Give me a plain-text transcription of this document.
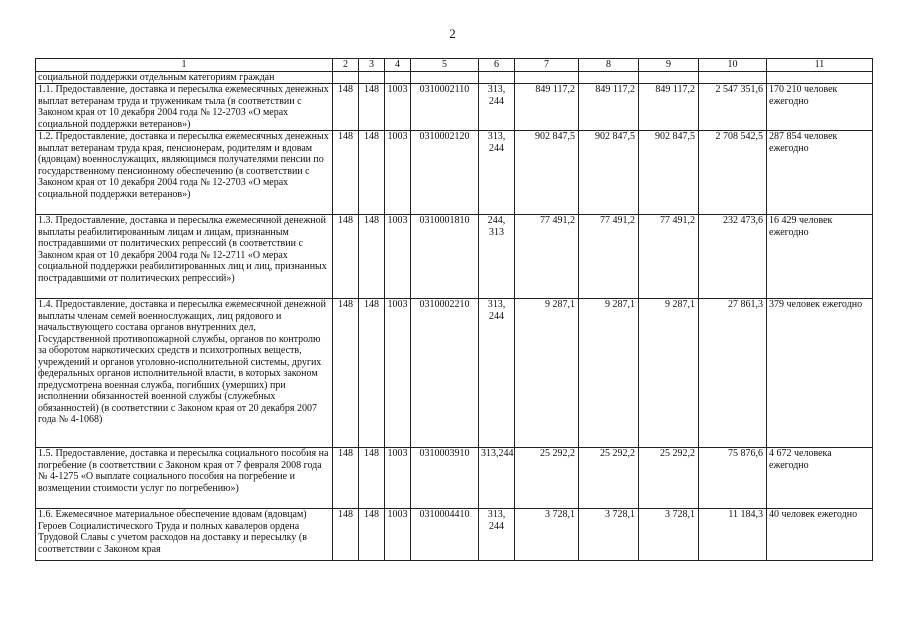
2
1	2	3	4	5	6	7	8	9	10	11
социальной поддержки отдельным категориям граждан										
1.1. Предоставление, доставка и пересылка ежемесячных денежных выплат ветеранам труда и труженикам тыла (в соответствии с Законом края от 10 декабря 2004 года № 12-2703 «О мерах социальной поддержки ветеранов»)	148	148	1003	0310002110	313, 244	849 117,2	849 117,2	849 117,2	2 547 351,6	170 210 человек ежегодно
1.2. Предоставление, доставка и пересылка ежемесячных денежных выплат ветеранам труда края, пенсионерам, родителям и вдовам (вдовцам) военнослужащих, являющимся получателями пенсии по государственному пенсионному обеспечению (в соответствии с Законом края от 10 декабря 2004 года № 12-2703 «О мерах социальной поддержки ветеранов»)	148	148	1003	0310002120	313, 244	902 847,5	902 847,5	902 847,5	2 708 542,5	287 854 человек ежегодно
1.3. Предоставление, доставка и пересылка ежемесячной денежной выплаты реабилитированным лицам и лицам, признанным пострадавшими от политических репрессий (в соответствии с Законом края от 10 декабря 2004 года № 12-2711 «О мерах социальной поддержки реабилитированных лиц и лиц, признанных пострадавшими от политических репрессий»)	148	148	1003	0310001810	244, 313	77 491,2	77 491,2	77 491,2	232 473,6	16 429 человек ежегодно
1.4. Предоставление, доставка и пересылка ежемесячной денежной выплаты членам семей военнослужащих, лиц рядового и начальствующего состава органов внутренних дел, Государственной противопожарной службы, органов по контролю за оборотом наркотических средств и психотропных веществ, учреждений и органов уголовно-исполнительной системы, других федеральных органов исполнительной власти, в которых законом предусмотрена военная служба, погибших (умерших) при исполнении обязанностей военной службы (служебных обязанностей) (в соответствии с Законом края от 20 декабря 2007 года № 4-1068)	148	148	1003	0310002210	313, 244	9 287,1	9 287,1	9 287,1	27 861,3	379 человек ежегодно
1.5. Предоставление, доставка и пересылка социального пособия на погребение (в соответствии с Законом края от 7 февраля 2008 года № 4-1275 «О выплате социального пособия на погребение и возмещении стоимости услуг по погребению»)	148	148	1003	0310003910	313,244	25 292,2	25 292,2	25 292,2	75 876,6	4 672 человека ежегодно
1.6. Ежемесячное материальное обеспечение вдовам (вдовцам) Героев Социалистического Труда и полных кавалеров ордена Трудовой Славы с учетом расходов на доставку и пересылку (в соответствии с Законом края	148	148	1003	0310004410	313, 244	3 728,1	3 728,1	3 728,1	11 184,3	40 человек ежегодно
